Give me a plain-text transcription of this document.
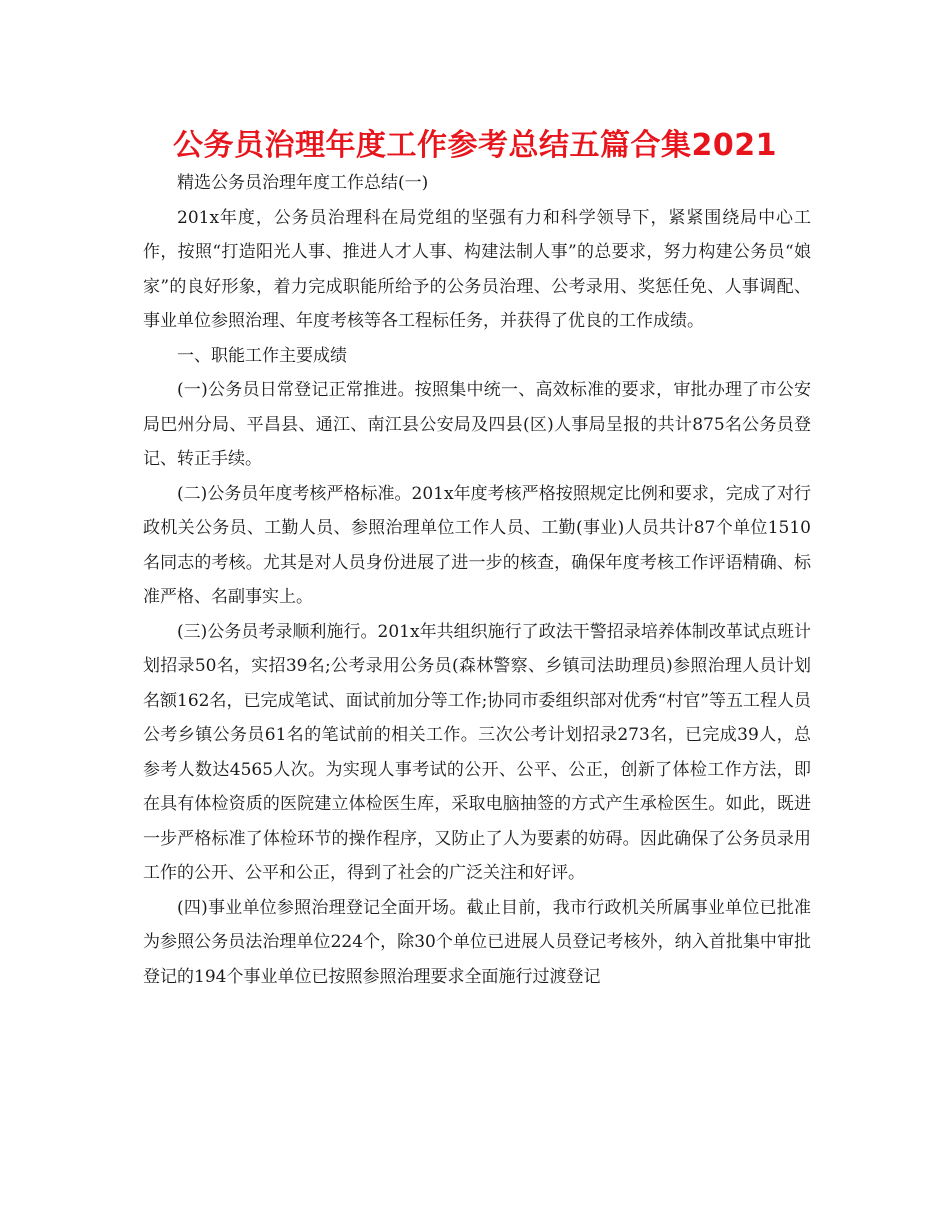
公务员治理年度工作参考总结五篇合集2021

精选公务员治理年度工作总结(一)

201x年度，公务员治理科在局党组的坚强有力和科学领导下，紧紧围绕局中心工作，按照“打造阳光人事、推进人才人事、构建法制人事”的总要求，努力构建公务员“娘家”的良好形象，着力完成职能所给予的公务员治理、公考录用、奖惩任免、人事调配、事业单位参照治理、年度考核等各工程标任务，并获得了优良的工作成绩。

一、职能工作主要成绩

(一)公务员日常登记正常推进。按照集中统一、高效标准的要求，审批办理了市公安局巴州分局、平昌县、通江、南江县公安局及四县(区)人事局呈报的共计875名公务员登记、转正手续。

(二)公务员年度考核严格标准。201x年度考核严格按照规定比例和要求，完成了对行政机关公务员、工勤人员、参照治理单位工作人员、工勤(事业)人员共计87个单位1510名同志的考核。尤其是对人员身份进展了进一步的核查，确保年度考核工作评语精确、标准严格、名副事实上。

(三)公务员考录顺利施行。201x年共组织施行了政法干警招录培养体制改革试点班计划招录50名，实招39名;公考录用公务员(森林警察、乡镇司法助理员)参照治理人员计划名额162名，已完成笔试、面试前加分等工作;协同市委组织部对优秀“村官”等五工程人员公考乡镇公务员61名的笔试前的相关工作。三次公考计划招录273名，已完成39人，总参考人数达4565人次。为实现人事考试的公开、公平、公正，创新了体检工作方法，即在具有体检资质的医院建立体检医生库，采取电脑抽签的方式产生承检医生。如此，既进一步严格标准了体检环节的操作程序，又防止了人为要素的妨碍。因此确保了公务员录用工作的公开、公平和公正，得到了社会的广泛关注和好评。

(四)事业单位参照治理登记全面开场。截止目前，我市行政机关所属事业单位已批准为参照公务员法治理单位224个，除30个单位已进展人员登记考核外，纳入首批集中审批登记的194个事业单位已按照参照治理要求全面施行过渡登记
